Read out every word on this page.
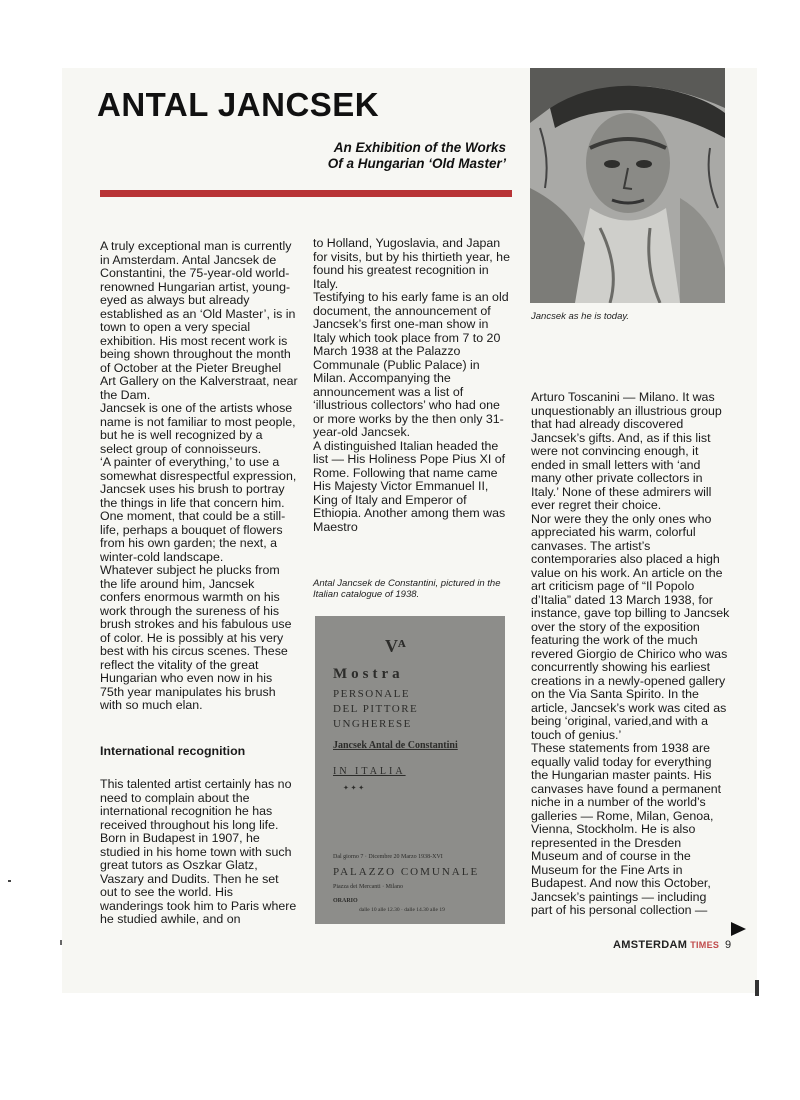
ANTAL JANCSEK
An Exhibition of the Works
Of a Hungarian ‘Old Master’
Jancsek as he is today.

A truly exceptional man is currently in Amsterdam. Antal Jancsek de Constantini, the 75-year-old world-renowned Hungarian artist, young-eyed as always but already established as an ‘Old Master’, is in town to open a very special exhibition. His most recent work is being shown throughout the month of October at the Pieter Breughel Art Gallery on the Kalverstraat, near the Dam.

Jancsek is one of the artists whose name is not familiar to most people, but he is well recognized by a select group of connoisseurs.

‘A painter of everything,’ to use a somewhat disrespectful expression, Jancsek uses his brush to portray the things in life that concern him. One moment, that could be a still-life, perhaps a bouquet of flowers from his own garden; the next, a winter-cold landscape.

Whatever subject he plucks from the life around him, Jancsek confers enormous warmth on his work through the sureness of his brush strokes and his fabulous use of color. He is possibly at his very best with his circus scenes. These reflect the vitality of the great Hungarian who even now in his 75th year manipulates his brush with so much elan.

International recognition

This talented artist certainly has no need to complain about the international recognition he has received throughout his long life. Born in Budapest in 1907, he studied in his home town with such great tutors as Oszkar Glatz, Vaszary and Dudits. Then he set out to see the world. His wanderings took him to Paris where he studied awhile, and on

to Holland, Yugoslavia, and Japan for visits, but by his thirtieth year, he found his greatest recognition in Italy.

Testifying to his early fame is an old document, the announcement of Jancsek’s first one-man show in Italy which took place from 7 to 20 March 1938 at the Palazzo Communale (Public Palace) in Milan. Accompanying the announcement was a list of ‘illustrious collectors’ who had one or more works by the then only 31-year-old Jancsek.

A distinguished Italian headed the list — His Holiness Pope Pius XI of Rome. Following that name came His Majesty Victor Emmanuel II, King of Italy and Emperor of Ethiopia. Another among them was Maestro

Antal Jancsek de Constantini, pictured in the Italian catalogue of 1938.
Vᴬ
Mostra
PERSONALE
DEL PITTORE
UNGHERESE
Jancsek Antal de Constantini
IN ITALIA
✦ ✦ ✦
Dal giorno 7 · Dicembre 20 Marzo 1938-XVI
PALAZZO COMUNALE
Piazza dei Mercanti · Milano
ORARIO
dalle 10 alle 12.30 · dalle 14.30 alle 19

Arturo Toscanini — Milano. It was unquestionably an illustrious group that had already discovered Jancsek’s gifts. And, as if this list were not convincing enough, it ended in small letters with ‘and many other private collectors in Italy.’ None of these admirers will ever regret their choice.

Nor were they the only ones who appreciated his warm, colorful canvases. The artist’s contemporaries also placed a high value on his work. An article on the art criticism page of “Il Popolo d’Italia” dated 13 March 1938, for instance, gave top billing to Jancsek over the story of the exposition featuring the work of the much revered Giorgio de Chirico who was concurrently showing his earliest creations in a newly-opened gallery on the Via Santa Spirito. In the article, Jancsek’s work was cited as being ‘original, varied,and with a touch of genius.’

These statements from 1938 are equally valid today for everything the Hungarian master paints. His canvases have found a permanent niche in a number of the world’s galleries — Rome, Milan, Genoa, Vienna, Stockholm. He is also represented in the Dresden Museum and of course in the Museum for the Fine Arts in Budapest. And now this October, Jancsek’s paintings — including part of his personal collection —

AMSTERDAM TIMES 9
